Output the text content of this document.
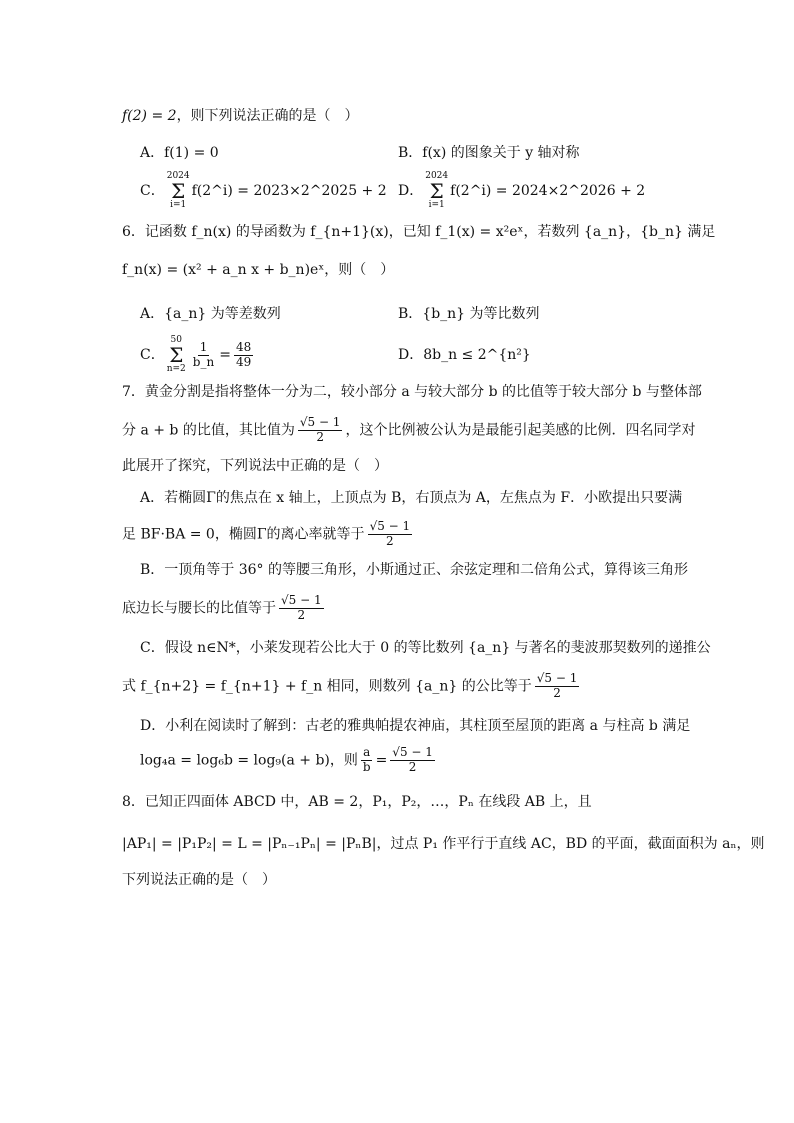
f(2) = 2，则下列说法正确的是（　）
A．f(1) = 0	B．f(x) 的图象关于 y 轴对称
C．
2024
Σ
i=1
f(2^i) = 2023×2^2025 + 2 D．
2024
Σ
i=1
f(2^i) = 2024×2^2026 + 2
6．记函数 f_n(x) 的导函数为 f_{n+1}(x)，已知 f_1(x) = x²eˣ，若数列 {a_n}，{b_n} 满足
f_n(x) = (x² + a_n x + b_n)eˣ，则（　）
A．{a_n} 为等差数列	B．{b_n} 为等比数列
C．
50
Σ
$n=2 \frac{1}{b\_n} = \frac{48}{49}$	D．8b_n ≤ 2^{n²}
7．黄金分割是指将整体一分为二，较小部分 a 与较大部分 b 的比值等于较大部分 b 与整体部
分 a + b 的比值，其比值为 $\frac{√5 - 1}{2}$ ，这个比例被公认为是最能引起美感的比例．四名同学对
此展开了探究，下列说法中正确的是（　）
A．若椭圆Γ的焦点在 x 轴上，上顶点为 B，右顶点为 A，左焦点为 F．小欧提出只要满
足 BF·BA = 0，椭圆Γ的离心率就等于 $\frac{√5 - 1}{2}$
B．一顶角等于 36° 的等腰三角形，小斯通过正、余弦定理和二倍角公式，算得该三角形
底边长与腰长的比值等于 $\frac{√5 - 1}{2}$
C．假设 n∈N*，小莱发现若公比大于 0 的等比数列 {a_n} 与著名的斐波那契数列的递推公
式 f_{n+2} = f_{n+1} + f_n 相同，则数列 {a_n} 的公比等于 $\frac{√5 - 1}{2}$
D．小利在阅读时了解到：古老的雅典帕提农神庙，其柱顶至屋顶的距离 a 与柱高 b 满足
log₄a = log₆b = log₉(a + b)，则 $\frac{a}{b} = \frac{√5 - 1}{2}$
8．已知正四面体 ABCD 中，AB = 2，P₁，P₂，…，Pₙ 在线段 AB 上，且
|AP₁| = |P₁P₂| = L = |Pₙ₋₁Pₙ| = |PₙB|，过点 P₁ 作平行于直线 AC，BD 的平面，截面面积为 aₙ，则
下列说法正确的是（　）
